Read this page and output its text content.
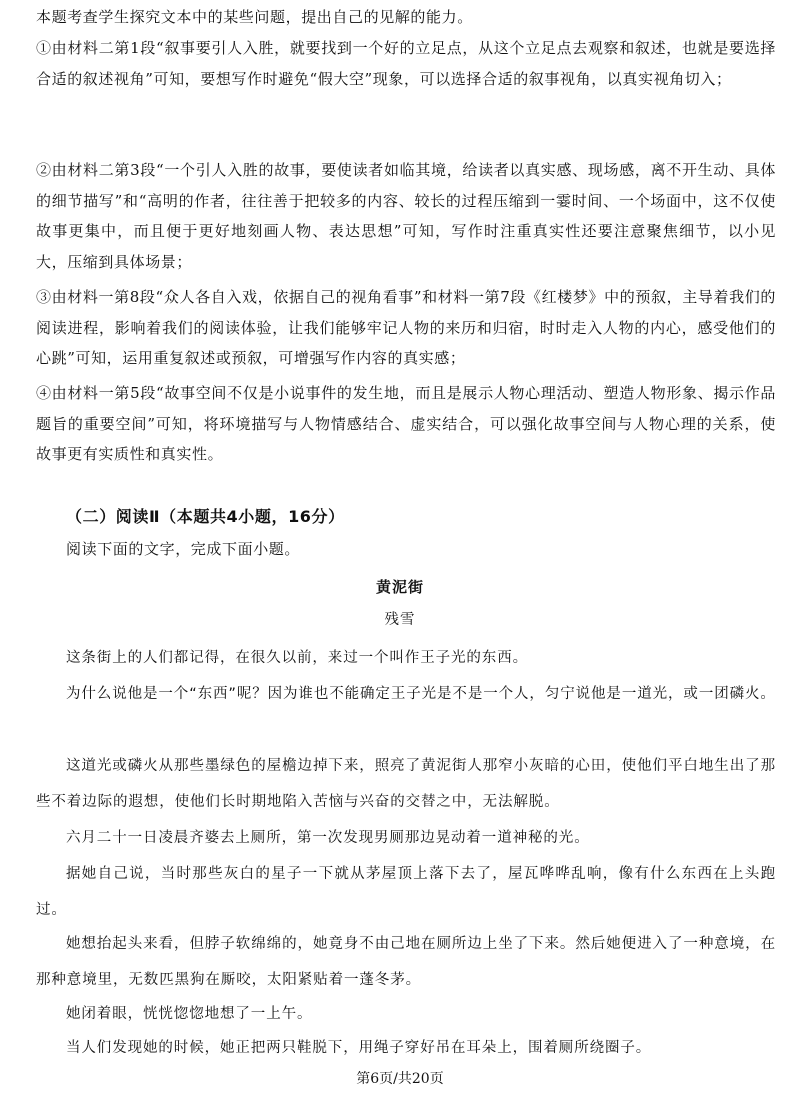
本题考查学生探究文本中的某些问题，提出自己的见解的能力。

①由材料二第1段“叙事要引人入胜，就要找到一个好的立足点，从这个立足点去观察和叙述，也就是要选择合适的叙述视角”可知，要想写作时避免“假大空”现象，可以选择合适的叙事视角，以真实视角切入；

②由材料二第3段“一个引人入胜的故事，要使读者如临其境，给读者以真实感、现场感，离不开生动、具体的细节描写”和“高明的作者，往往善于把较多的内容、较长的过程压缩到一霎时间、一个场面中，这不仅使故事更集中，而且便于更好地刻画人物、表达思想”可知，写作时注重真实性还要注意聚焦细节，以小见大，压缩到具体场景；

③由材料一第8段“众人各自入戏，依据自己的视角看事”和材料一第7段《红楼梦》中的预叙，主导着我们的阅读进程，影响着我们的阅读体验，让我们能够牢记人物的来历和归宿，时时走入人物的内心，感受他们的心跳”可知，运用重复叙述或预叙，可增强写作内容的真实感；

④由材料一第5段“故事空间不仅是小说事件的发生地，而且是展示人物心理活动、塑造人物形象、揭示作品题旨的重要空间”可知，将环境描写与人物情感结合、虚实结合，可以强化故事空间与人物心理的关系，使故事更有实质性和真实性。

（二）阅读Ⅱ（本题共4小题，16分）

阅读下面的文字，完成下面小题。

黄泥街
残雪

这条街上的人们都记得，在很久以前，来过一个叫作王子光的东西。

为什么说他是一个“东西”呢？因为谁也不能确定王子光是不是一个人，匀宁说他是一道光，或一团磷火。

这道光或磷火从那些墨绿色的屋檐边掉下来，照亮了黄泥街人那窄小灰暗的心田，使他们平白地生出了那些不着边际的遐想，使他们长时期地陷入苦恼与兴奋的交替之中，无法解脱。

六月二十一日凌晨齐婆去上厕所，第一次发现男厕那边晃动着一道神秘的光。

据她自己说，当时那些灰白的星子一下就从茅屋顶上落下去了，屋瓦哗哗乱响，像有什么东西在上头跑过。

她想抬起头来看，但脖子软绵绵的，她竟身不由己地在厕所边上坐了下来。然后她便进入了一种意境，在那种意境里，无数匹黑狗在厮咬，太阳紧贴着一蓬冬茅。

她闭着眼，恍恍惚惚地想了一上午。

当人们发现她的时候，她正把两只鞋脱下，用绳子穿好吊在耳朵上，围着厕所绕圈子。

第6页/共20页
